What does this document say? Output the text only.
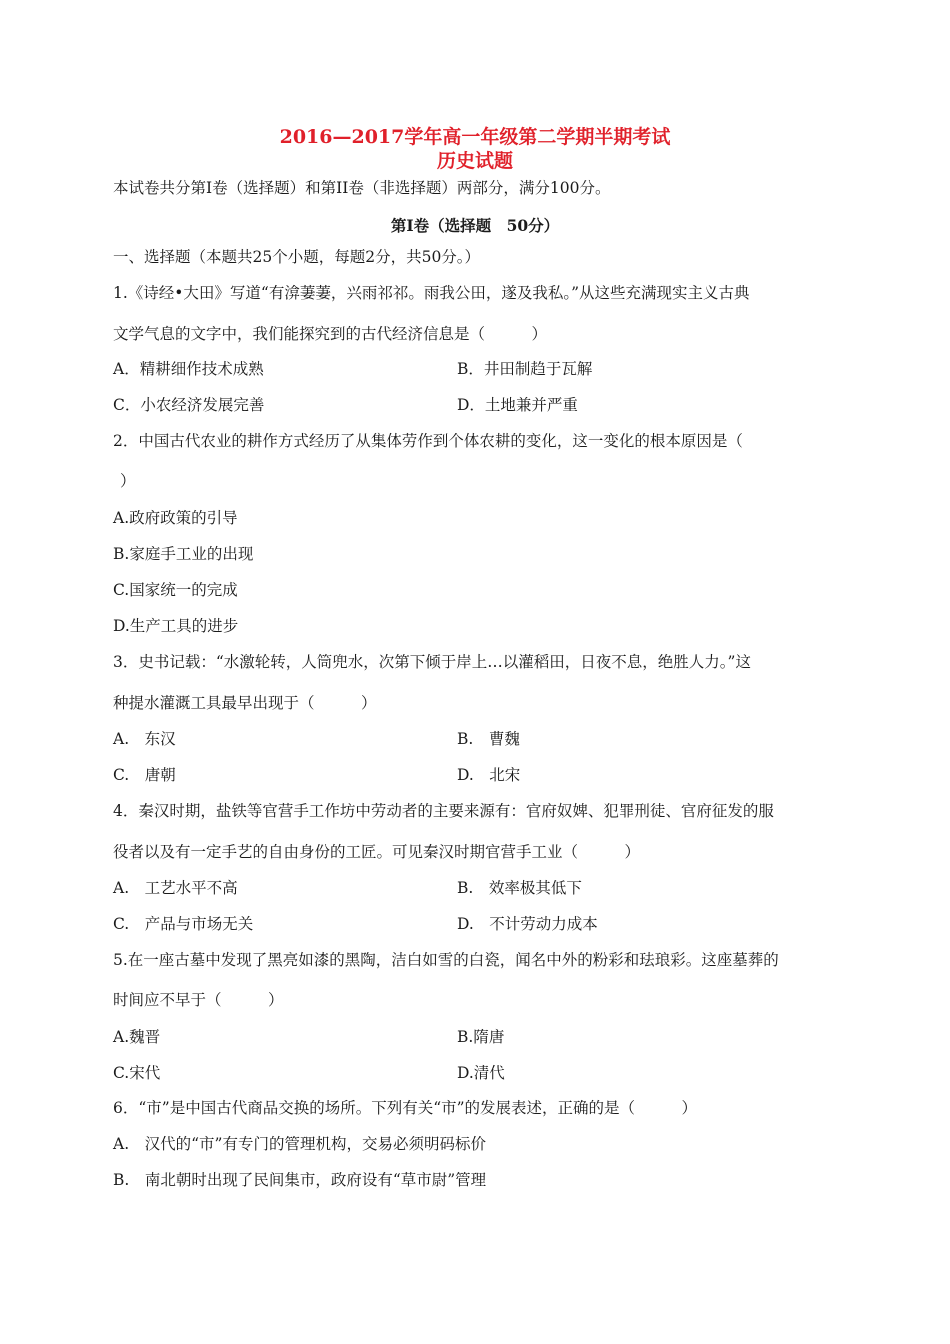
2016—2017学年高一年级第二学期半期考试
历史试题
本试卷共分第I卷（选择题）和第II卷（非选择题）两部分，满分100分。
第I卷（选择题　50分）
一、选择题（本题共25个小题，每题2分，共50分。）
1.《诗经•大田》写道“有渰萋萋，兴雨祁祁。雨我公田，遂及我私。”从这些充满现实主义古典
文学气息的文字中，我们能探究到的古代经济信息是（　　　）
A．精耕细作技术成熟	B．井田制趋于瓦解
C．小农经济发展完善	D．土地兼并严重
2．中国古代农业的耕作方式经历了从集体劳作到个体农耕的变化，这一变化的根本原因是（
）
A.政府政策的引导
B.家庭手工业的出现
C.国家统一的完成
D.生产工具的进步
3．史书记载：“水激轮转，人筒兜水，次第下倾于岸上…以灌稻田，日夜不息，绝胜人力。”这
种提水灌溉工具最早出现于（　　　）
A.　东汉	B.　曹魏
C.　唐朝	D.　北宋
4．秦汉时期，盐铁等官营手工作坊中劳动者的主要来源有：官府奴婢、犯罪刑徒、官府征发的服
役者以及有一定手艺的自由身份的工匠。可见秦汉时期官营手工业（　　　）
A.　工艺水平不高	B.　效率极其低下
C.　产品与市场无关	D.　不计劳动力成本
5.在一座古墓中发现了黑亮如漆的黑陶，洁白如雪的白瓷，闻名中外的粉彩和珐琅彩。这座墓葬的
时间应不早于（　　　）
A.魏晋	B.隋唐
C.宋代	D.清代
6．“市”是中国古代商品交换的场所。下列有关“市”的发展表述，正确的是（　　　）
A.　汉代的“市”有专门的管理机构，交易必须明码标价
B.　南北朝时出现了民间集市，政府设有“草市尉”管理
